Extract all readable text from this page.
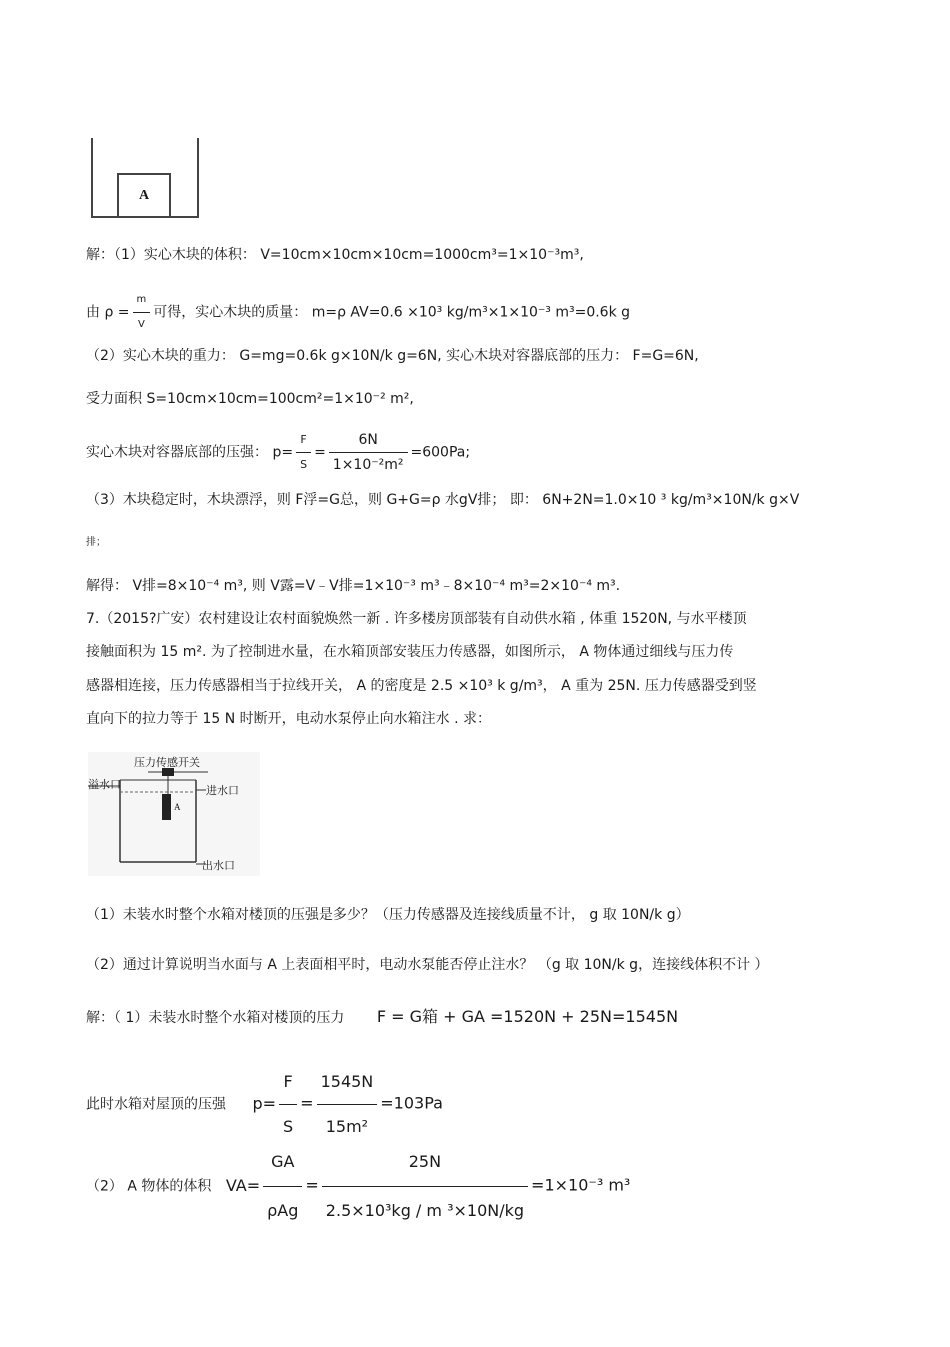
A
解：（1）实心木块的体积： V=10cm×10cm×10cm=1000cm³=1×10⁻³m³,
由 $\rho = \frac{m}{V}$ 可得，实心木块的质量： m=ρ AV=0.6 ×10³ kg/m³×1×10⁻³ m³=0.6k g
（2）实心木块的重力： G=mg=0.6k g×10N/k g=6N, 实心木块对容器底部的压力： F=G=6N,
受力面积 S=10cm×10cm=100cm²=1×10⁻² m²,
实心木块对容器底部的压强： $p= \frac{F}{S} = \frac{6N}{\text{1×10⁻²m²}} =600Pa$;
（3）木块稳定时，木块漂浮，则 F浮=G总，则 G+G=ρ 水gV排； 即： 6N+2N=1.0×10 ³ kg/m³×10N/k g×V
排；
解得： V排=8×10⁻⁴ m³, 则 V露=V﹣V排=1×10⁻³ m³﹣8×10⁻⁴ m³=2×10⁻⁴ m³.
7.（2015?广安）农村建设让农村面貌焕然一新 . 许多楼房顶部装有自动供水箱 , 体重 1520N, 与水平楼顶
接触面积为 15 m². 为了控制进水量，在水箱顶部安装压力传感器，如图所示， A 物体通过细线与压力传
感器相连接，压力传感器相当于拉线开关， A 的密度是 2.5 ×10³ k g/m³， A 重为 25N. 压力传感器受到竖
直向下的拉力等于 15 N 时断开，电动水泵停止向水箱注水 . 求：
压力传感开关
溢水口	进水口
A
出水口
（1）未装水时整个水箱对楼顶的压强是多少？（压力传感器及连接线质量不计， g 取 10N/k g）
（2）通过计算说明当水面与 A 上表面相平时，电动水泵能否停止注水？ （g 取 10N/k g，连接线体积不计 ）
解：（ 1）未装水时整个水箱对楼顶的压力 F = G箱 + GA =1520N + 25N=1545N
此时水箱对屋顶的压强 $p= \frac{F}{S} = \frac{1545N}{\text{15m²}} =103Pa$
（2） A 物体的体积 $VA= \frac{GA}{\text{ρAg}} = \frac{25N}{\text{2.5×10³kg / m ³×10N/kg}} =1\times 10^{-3}$ m³
